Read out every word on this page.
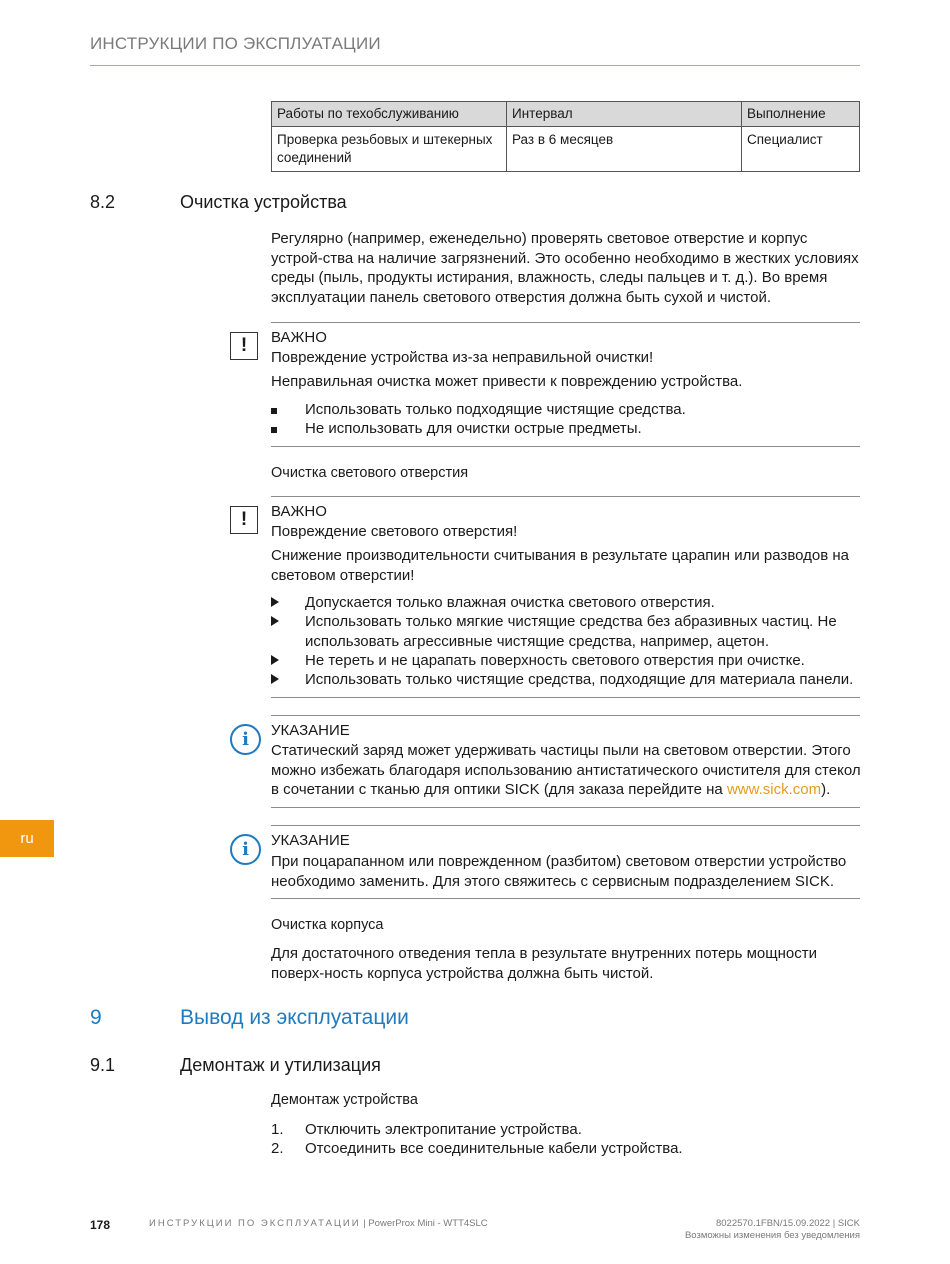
ИНСТРУКЦИИ ПО ЭКСПЛУАТАЦИИ
Работы по техобслуживанию	Интервал	Выполнение
Проверка резьбовых и штекерных соединений	Раз в 6 месяцев	Специалист
8.2	Очистка устройства
Регулярно (например, еженедельно) проверять световое отверстие и корпус устрой-ства на наличие загрязнений. Это особенно необходимо в жестких условиях среды (пыль, продукты истирания, влажность, следы пальцев и т. д.). Во время эксплуатации панель светового отверстия должна быть сухой и чистой.
!	ВАЖНО
Повреждение устройства из-за неправильной очистки!
Неправильная очистка может привести к повреждению устройства.
Использовать только подходящие чистящие средства.
Не использовать для очистки острые предметы.
Очистка светового отверстия
!	ВАЖНО
Повреждение светового отверстия!
Снижение производительности считывания в результате царапин или разводов на световом отверстии!
Допускается только влажная очистка светового отверстия.
Использовать только мягкие чистящие средства без абразивных частиц. Не использовать агрессивные чистящие средства, например, ацетон.
Не тереть и не царапать поверхность светового отверстия при очистке.
Использовать только чистящие средства, подходящие для материала панели.
i	УКАЗАНИЕ
Статический заряд может удерживать частицы пыли на световом отверстии. Этого можно избежать благодаря использованию антистатического очистителя для стекол в сочетании с тканью для оптики SICK (для заказа перейдите на www.sick.com).
i	УКАЗАНИЕ
При поцарапанном или поврежденном (разбитом) световом отверстии устройство необходимо заменить. Для этого свяжитесь с сервисным подразделением SICK.
Очистка корпуса
Для достаточного отведения тепла в результате внутренних потерь мощности поверх-ность корпуса устройства должна быть чистой.
9	Вывод из эксплуатации
9.1	Демонтаж и утилизация
Демонтаж устройства
1. Отключить электропитание устройства.
2. Отсоединить все соединительные кабели устройства.
ru
178	ИНСТРУКЦИИ ПО ЭКСПЛУАТАЦИИ | PowerProx Mini - WTT4SLC	8022570.1FBN/15.09.2022 | SICK
Возможны изменения без уведомления
